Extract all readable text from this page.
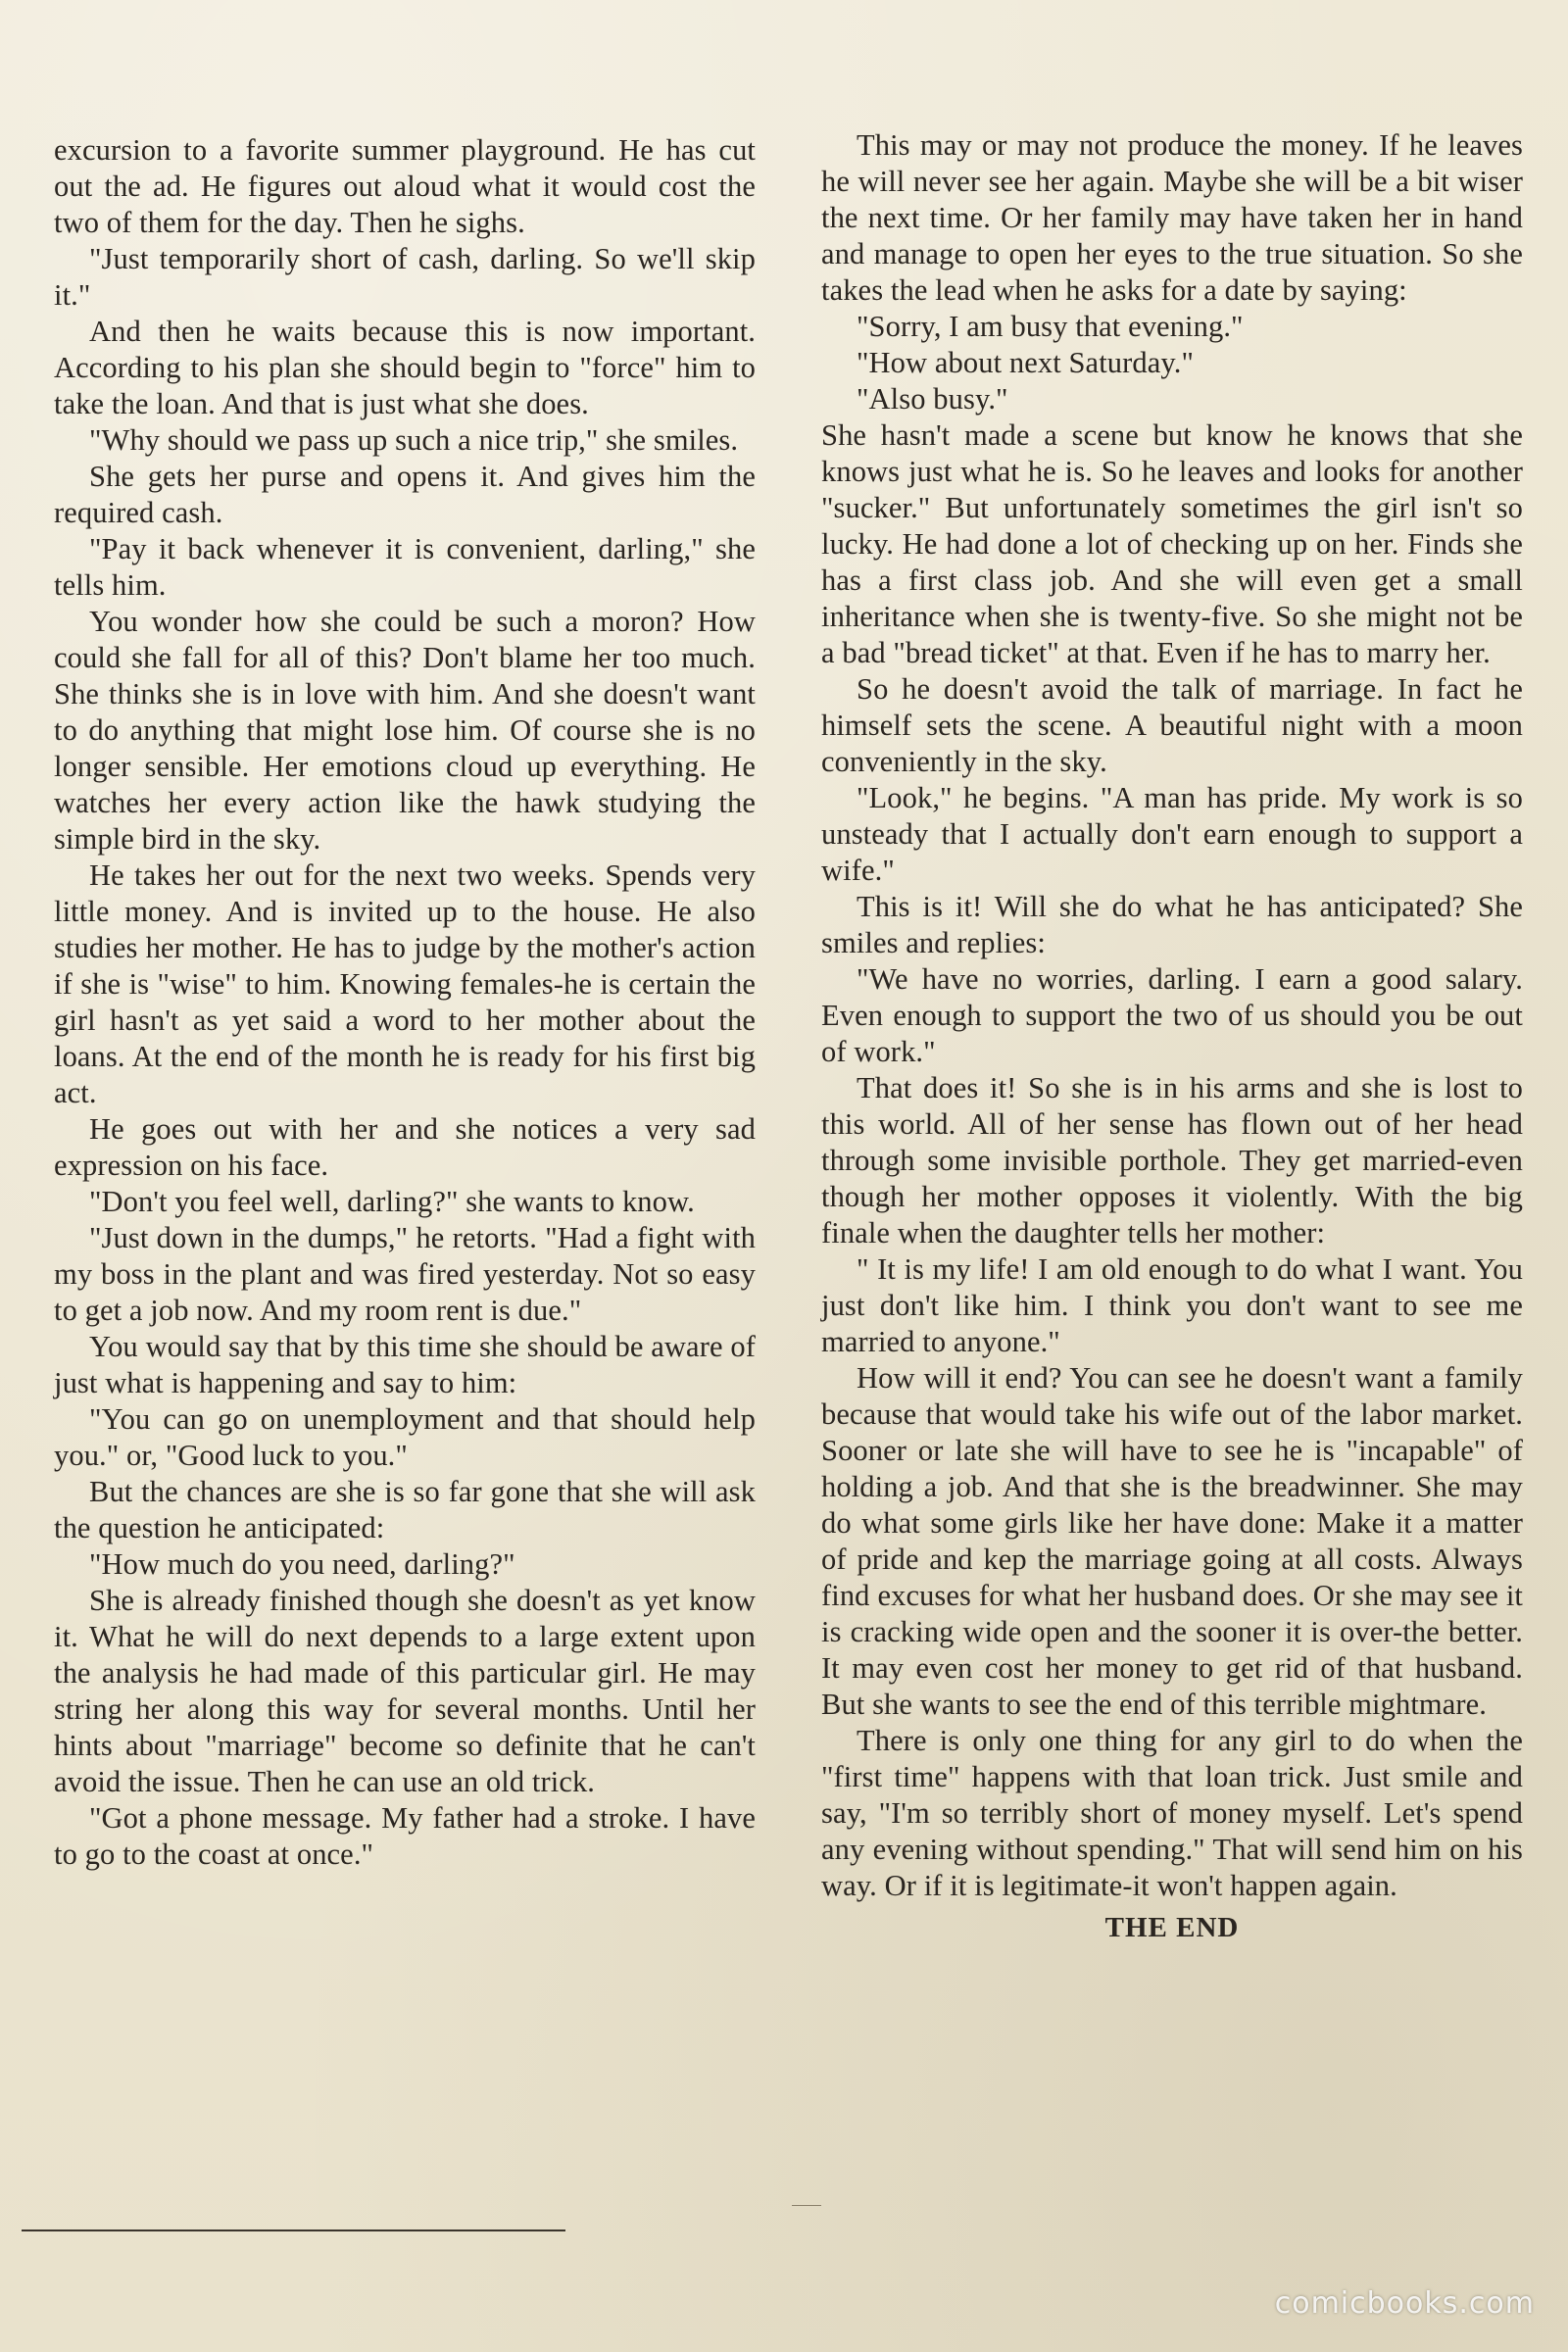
excursion to a favorite summer playground. He has cut out the ad. He figures out aloud what it would cost the two of them for the day. Then he sighs.

"Just temporarily short of cash, darling. So we'll skip it."

And then he waits because this is now important. According to his plan she should begin to "force" him to take the loan. And that is just what she does.

"Why should we pass up such a nice trip," she smiles.

She gets her purse and opens it. And gives him the required cash.

"Pay it back whenever it is convenient, darling," she tells him.

You wonder how she could be such a moron? How could she fall for all of this? Don't blame her too much. She thinks she is in love with him. And she doesn't want to do anything that might lose him. Of course she is no longer sensible. Her emotions cloud up everything. He watches her every action like the hawk studying the simple bird in the sky.

He takes her out for the next two weeks. Spends very little money. And is invited up to the house. He also studies her mother. He has to judge by the mother's action if she is "wise" to him. Knowing females-he is certain the girl hasn't as yet said a word to her mother about the loans. At the end of the month he is ready for his first big act.

He goes out with her and she notices a very sad expression on his face.

"Don't you feel well, darling?" she wants to know.

"Just down in the dumps," he retorts. "Had a fight with my boss in the plant and was fired yesterday. Not so easy to get a job now. And my room rent is due."

You would say that by this time she should be aware of just what is happening and say to him:

"You can go on unemployment and that should help you." or, "Good luck to you."

But the chances are she is so far gone that she will ask the question he anticipated:

"How much do you need, darling?"

She is already finished though she doesn't as yet know it. What he will do next depends to a large extent upon the analysis he had made of this particular girl. He may string her along this way for several months. Until her hints about "marriage" become so definite that he can't avoid the issue. Then he can use an old trick.

"Got a phone message. My father had a stroke. I have to go to the coast at once."

This may or may not produce the money. If he leaves he will never see her again. Maybe she will be a bit wiser the next time. Or her family may have taken her in hand and manage to open her eyes to the true situation. So she takes the lead when he asks for a date by saying:

"Sorry, I am busy that evening."

"How about next Saturday."

"Also busy."

She hasn't made a scene but know he knows that she knows just what he is. So he leaves and looks for another "sucker." But unfortunately sometimes the girl isn't so lucky. He had done a lot of checking up on her. Finds she has a first class job. And she will even get a small inheritance when she is twenty-five. So she might not be a bad "bread ticket" at that. Even if he has to marry her.

So he doesn't avoid the talk of marriage. In fact he himself sets the scene. A beautiful night with a moon conveniently in the sky.

"Look," he begins. "A man has pride. My work is so unsteady that I actually don't earn enough to support a wife."

This is it! Will she do what he has anticipated? She smiles and replies:

"We have no worries, darling. I earn a good salary. Even enough to support the two of us should you be out of work."

That does it! So she is in his arms and she is lost to this world. All of her sense has flown out of her head through some invisible porthole. They get married-even though her mother opposes it violently. With the big finale when the daughter tells her mother:

" It is my life! I am old enough to do what I want. You just don't like him. I think you don't want to see me married to anyone."

How will it end? You can see he doesn't want a family because that would take his wife out of the labor market. Sooner or late she will have to see he is "incapable" of holding a job. And that she is the breadwinner. She may do what some girls like her have done: Make it a matter of pride and kep the marriage going at all costs. Always find excuses for what her husband does. Or she may see it is cracking wide open and the sooner it is over-the better. It may even cost her money to get rid of that husband. But she wants to see the end of this terrible mightmare.

There is only one thing for any girl to do when the "first time" happens with that loan trick. Just smile and say, "I'm so terribly short of money myself. Let's spend any evening without spending." That will send him on his way. Or if it is legitimate-it won't happen again.

THE END
comicbooks.com
